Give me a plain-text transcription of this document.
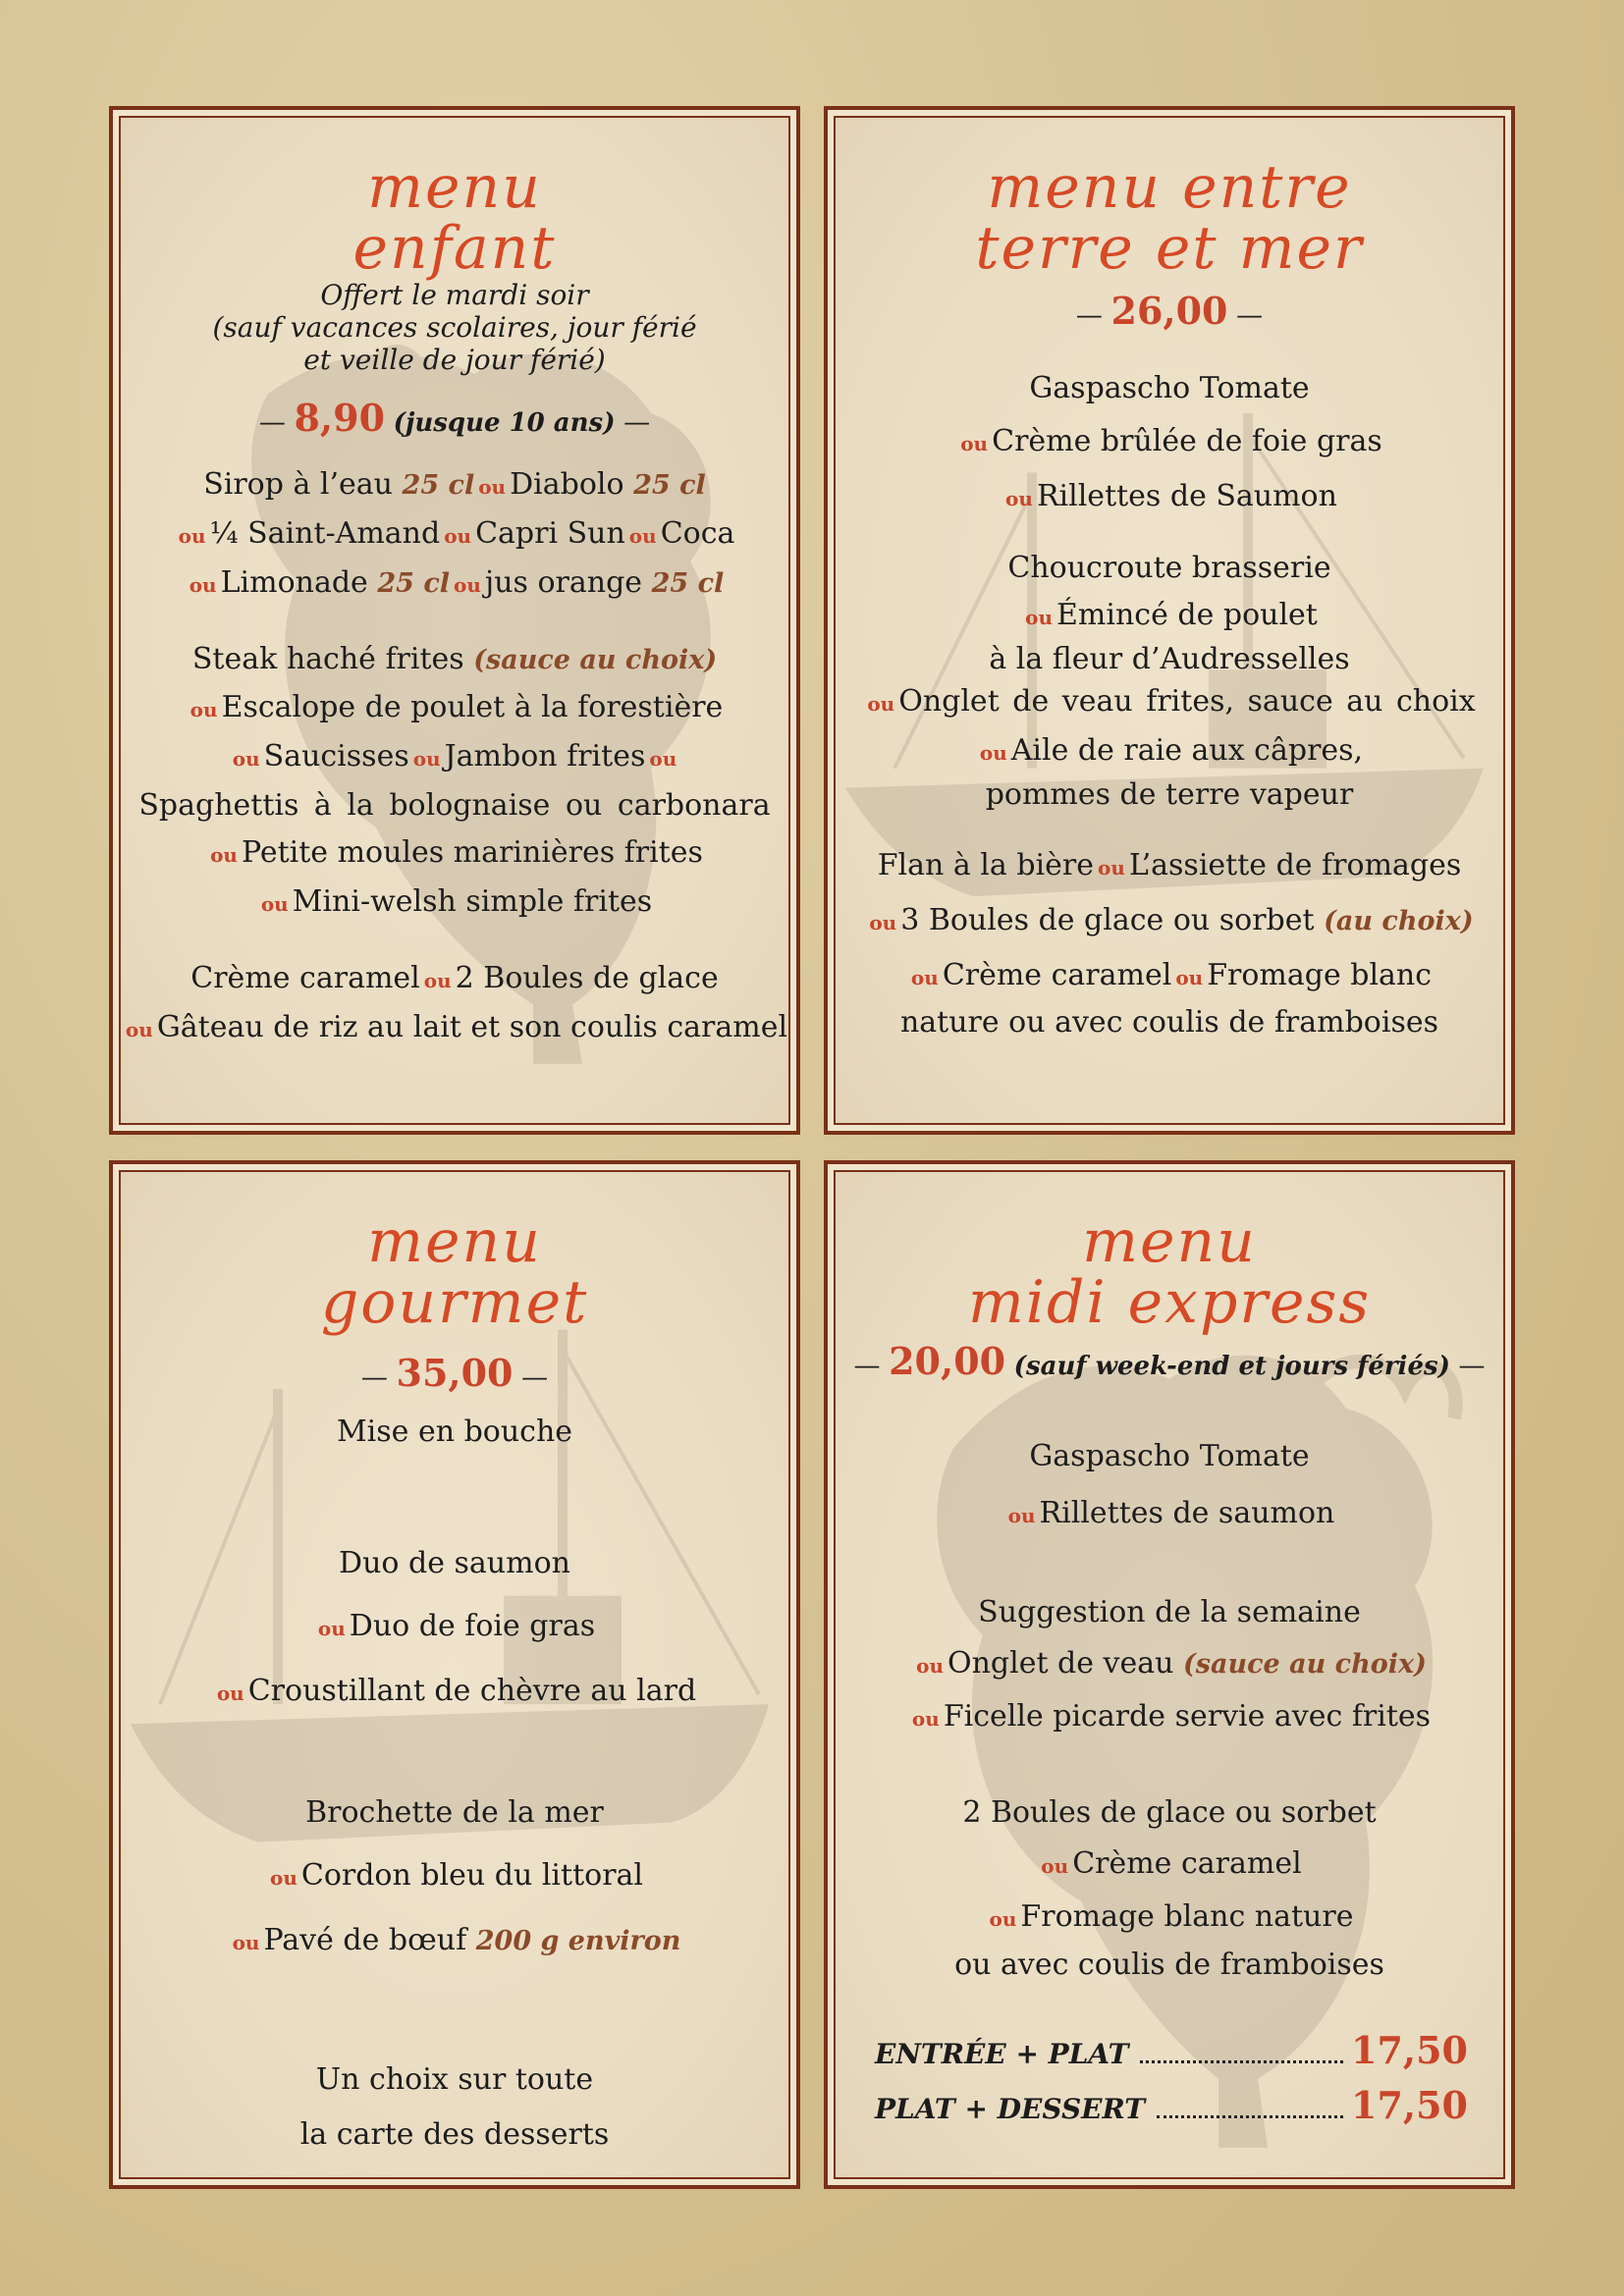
menu

enfant

Offert le mardi soir

(sauf vacances scolaires, jour férié

et veille de jour férié)

— 8,90 (jusque 10 ans) —

Sirop à l’eau 25 cl ou Diabolo 25 cl

ou ¼ Saint-Amand ou Capri Sun ou Coca

ou Limonade 25 cl ou jus orange 25 cl

Steak haché frites (sauce au choix)

ou Escalope de poulet à la forestière

ou Saucisses ou Jambon frites ou

Spaghettis à la bolognaise ou carbonara

ou Petite moules marinières frites

ou Mini-welsh simple frites

Crème caramel ou 2 Boules de glace

ou Gâteau de riz au lait et son coulis caramel

menu entre

terre et mer

— 26,00 —

Gaspascho Tomate

ou Crème brûlée de foie gras

ou Rillettes de Saumon

Choucroute brasserie

ou Émincé de poulet

à la fleur d’Audresselles

ou Onglet de veau frites, sauce au choix

ou Aile de raie aux câpres,

pommes de terre vapeur

Flan à la bière ou L’assiette de fromages

ou 3 Boules de glace ou sorbet (au choix)

ou Crème caramel ou Fromage blanc

nature ou avec coulis de framboises

menu

gourmet

— 35,00 —

Mise en bouche

Duo de saumon

ou Duo de foie gras

ou Croustillant de chèvre au lard

Brochette de la mer

ou Cordon bleu du littoral

ou Pavé de bœuf 200 g environ

Un choix sur toute

la carte des desserts

menu

midi express

— 20,00 (sauf week-end et jours fériés) —

Gaspascho Tomate

ou Rillettes de saumon

Suggestion de la semaine

ou Onglet de veau (sauce au choix)

ou Ficelle picarde servie avec frites

2 Boules de glace ou sorbet

ou Crème caramel

ou Fromage blanc nature

ou avec coulis de framboises

ENTRÉE + PLAT	17,50
PLAT + DESSERT	17,50
